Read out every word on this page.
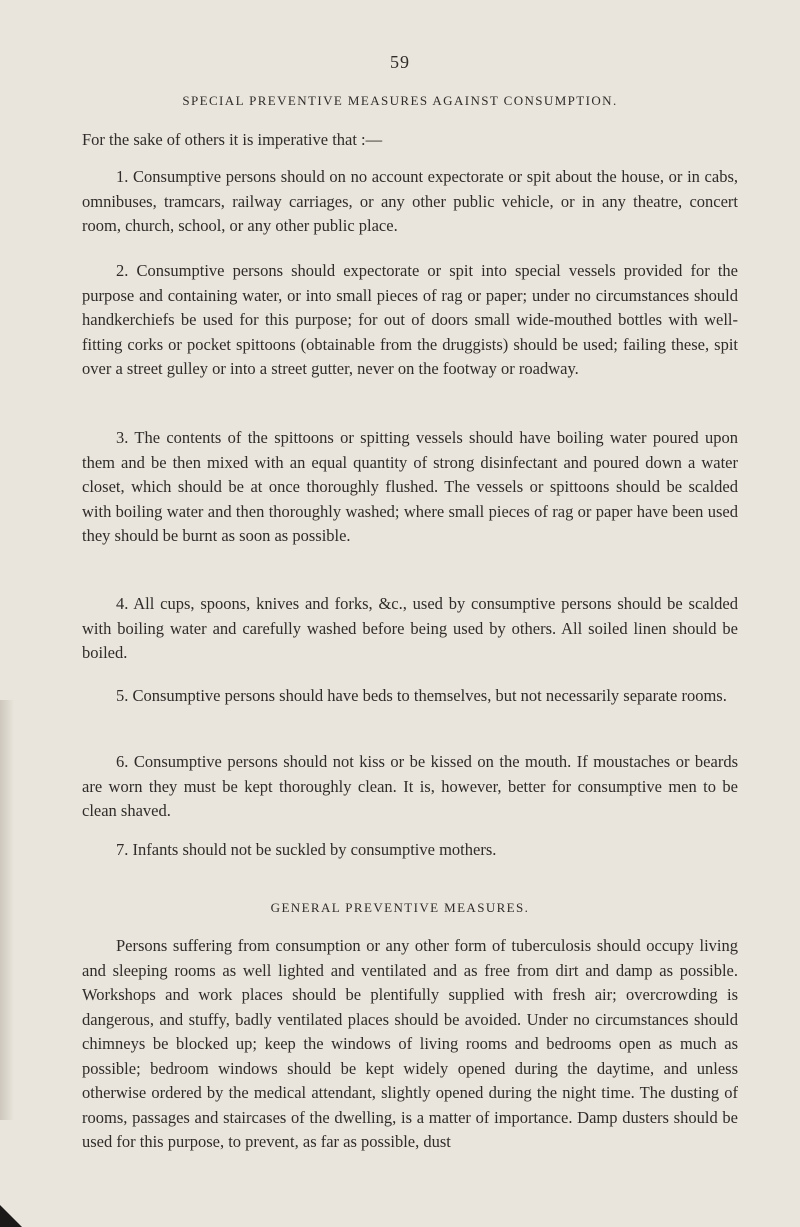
59
SPECIAL PREVENTIVE MEASURES AGAINST CONSUMPTION.
For the sake of others it is imperative that :—
1. Consumptive persons should on no account expectorate or spit about the house, or in cabs, omnibuses, tramcars, railway carriages, or any other public vehicle, or in any theatre, concert room, church, school, or any other public place.
2. Consumptive persons should expectorate or spit into special vessels provided for the purpose and containing water, or into small pieces of rag or paper; under no circumstances should handkerchiefs be used for this purpose; for out of doors small wide-mouthed bottles with well-fitting corks or pocket spittoons (obtainable from the druggists) should be used; failing these, spit over a street gulley or into a street gutter, never on the footway or roadway.
3. The contents of the spittoons or spitting vessels should have boiling water poured upon them and be then mixed with an equal quantity of strong disinfectant and poured down a water closet, which should be at once thoroughly flushed. The vessels or spittoons should be scalded with boiling water and then thoroughly washed; where small pieces of rag or paper have been used they should be burnt as soon as possible.
4. All cups, spoons, knives and forks, &c., used by consumptive persons should be scalded with boiling water and carefully washed before being used by others. All soiled linen should be boiled.
5. Consumptive persons should have beds to themselves, but not necessarily separate rooms.
6. Consumptive persons should not kiss or be kissed on the mouth. If moustaches or beards are worn they must be kept thoroughly clean. It is, however, better for consumptive men to be clean shaved.
7. Infants should not be suckled by consumptive mothers.
GENERAL PREVENTIVE MEASURES.
Persons suffering from consumption or any other form of tuberculosis should occupy living and sleeping rooms as well lighted and ventilated and as free from dirt and damp as possible. Workshops and work places should be plentifully supplied with fresh air; overcrowding is dangerous, and stuffy, badly ventilated places should be avoided. Under no circumstances should chimneys be blocked up; keep the windows of living rooms and bedrooms open as much as possible; bedroom windows should be kept widely opened during the daytime, and unless otherwise ordered by the medical attendant, slightly opened during the night time. The dusting of rooms, passages and staircases of the dwelling, is a matter of importance. Damp dusters should be used for this purpose, to prevent, as far as possible, dust
